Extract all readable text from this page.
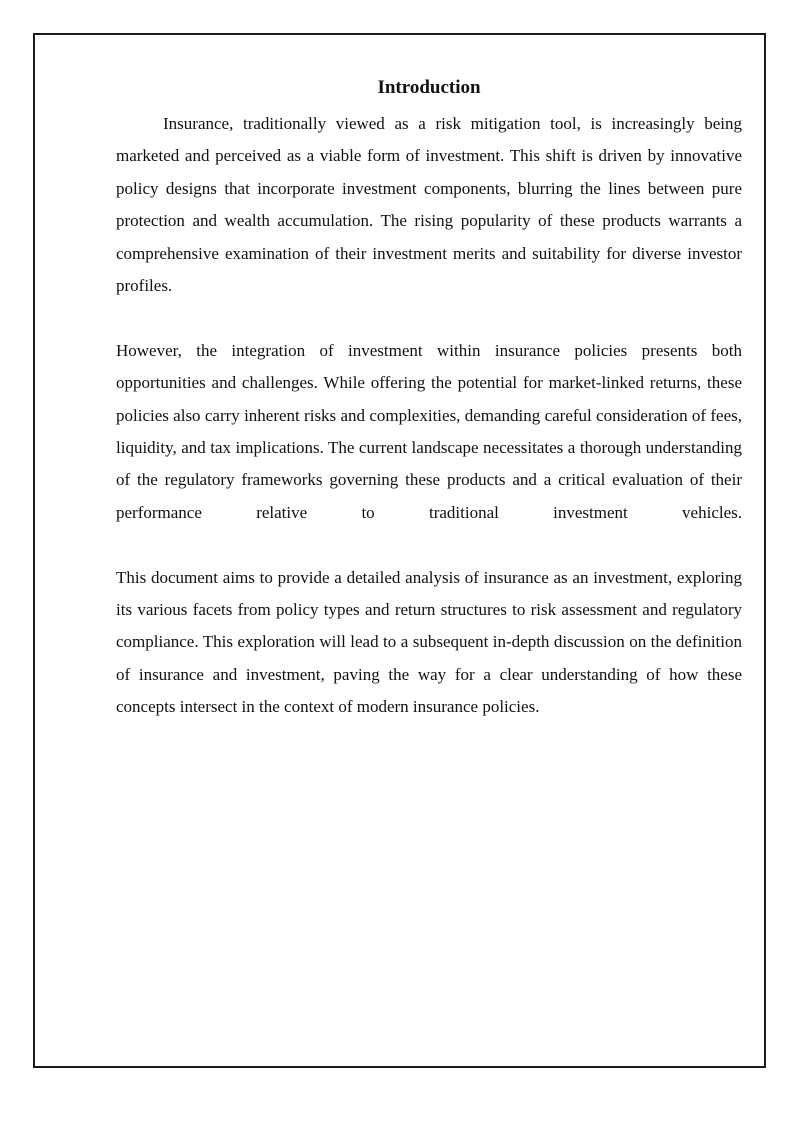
Introduction

Insurance, traditionally viewed as a risk mitigation tool, is increasingly being marketed and perceived as a viable form of investment. This shift is driven by innovative policy designs that incorporate investment components, blurring the lines between pure protection and wealth accumulation. The rising popularity of these products warrants a comprehensive examination of their investment merits and suitability for diverse investor profiles.

However, the integration of investment within insurance policies presents both opportunities and challenges. While offering the potential for market-linked returns, these policies also carry inherent risks and complexities, demanding careful consideration of fees, liquidity, and tax implications. The current landscape necessitates a thorough understanding of the regulatory frameworks governing these products and a critical evaluation of their performance relative to traditional investment vehicles.

This document aims to provide a detailed analysis of insurance as an investment, exploring its various facets from policy types and return structures to risk assessment and regulatory compliance. This exploration will lead to a subsequent in-depth discussion on the definition of insurance and investment, paving the way for a clear understanding of how these concepts intersect in the context of modern insurance policies.
